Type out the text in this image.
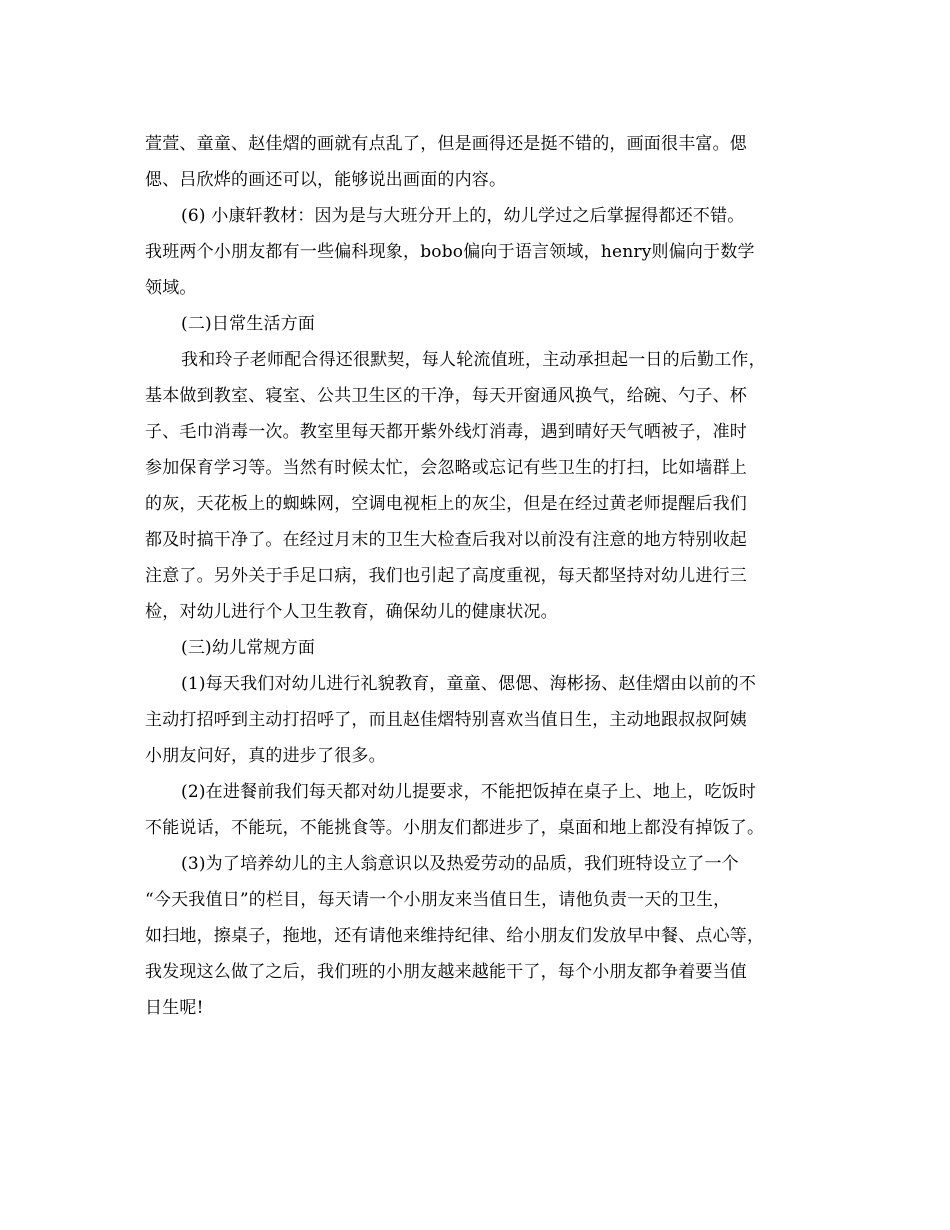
萱萱、童童、赵佳熠的画就有点乱了，但是画得还是挺不错的，画面很丰富。偲
偲、吕欣烨的画还可以，能够说出画面的内容。
(6) 小康轩教材：因为是与大班分开上的，幼儿学过之后掌握得都还不错。
我班两个小朋友都有一些偏科现象，bobo偏向于语言领域，henry则偏向于数学
领域。
(二)日常生活方面
我和玲子老师配合得还很默契，每人轮流值班，主动承担起一日的后勤工作，
基本做到教室、寝室、公共卫生区的干净，每天开窗通风换气，给碗、勺子、杯
子、毛巾消毒一次。教室里每天都开紫外线灯消毒，遇到晴好天气晒被子，准时
参加保育学习等。当然有时候太忙，会忽略或忘记有些卫生的打扫，比如墙群上
的灰，天花板上的蜘蛛网，空调电视柜上的灰尘，但是在经过黄老师提醒后我们
都及时搞干净了。在经过月末的卫生大检查后我对以前没有注意的地方特别收起
注意了。另外关于手足口病，我们也引起了高度重视，每天都坚持对幼儿进行三
检，对幼儿进行个人卫生教育，确保幼儿的健康状况。
(三)幼儿常规方面
(1)每天我们对幼儿进行礼貌教育，童童、偲偲、海彬扬、赵佳熠由以前的不
主动打招呼到主动打招呼了，而且赵佳熠特别喜欢当值日生，主动地跟叔叔阿姨
小朋友问好，真的进步了很多。
(2)在进餐前我们每天都对幼儿提要求，不能把饭掉在桌子上、地上，吃饭时
不能说话，不能玩，不能挑食等。小朋友们都进步了，桌面和地上都没有掉饭了。
(3)为了培养幼儿的主人翁意识以及热爱劳动的品质，我们班特设立了一个
“今天我值日”的栏目，每天请一个小朋友来当值日生，请他负责一天的卫生，
如扫地，擦桌子，拖地，还有请他来维持纪律、给小朋友们发放早中餐、点心等，
我发现这么做了之后，我们班的小朋友越来越能干了，每个小朋友都争着要当值
日生呢!
